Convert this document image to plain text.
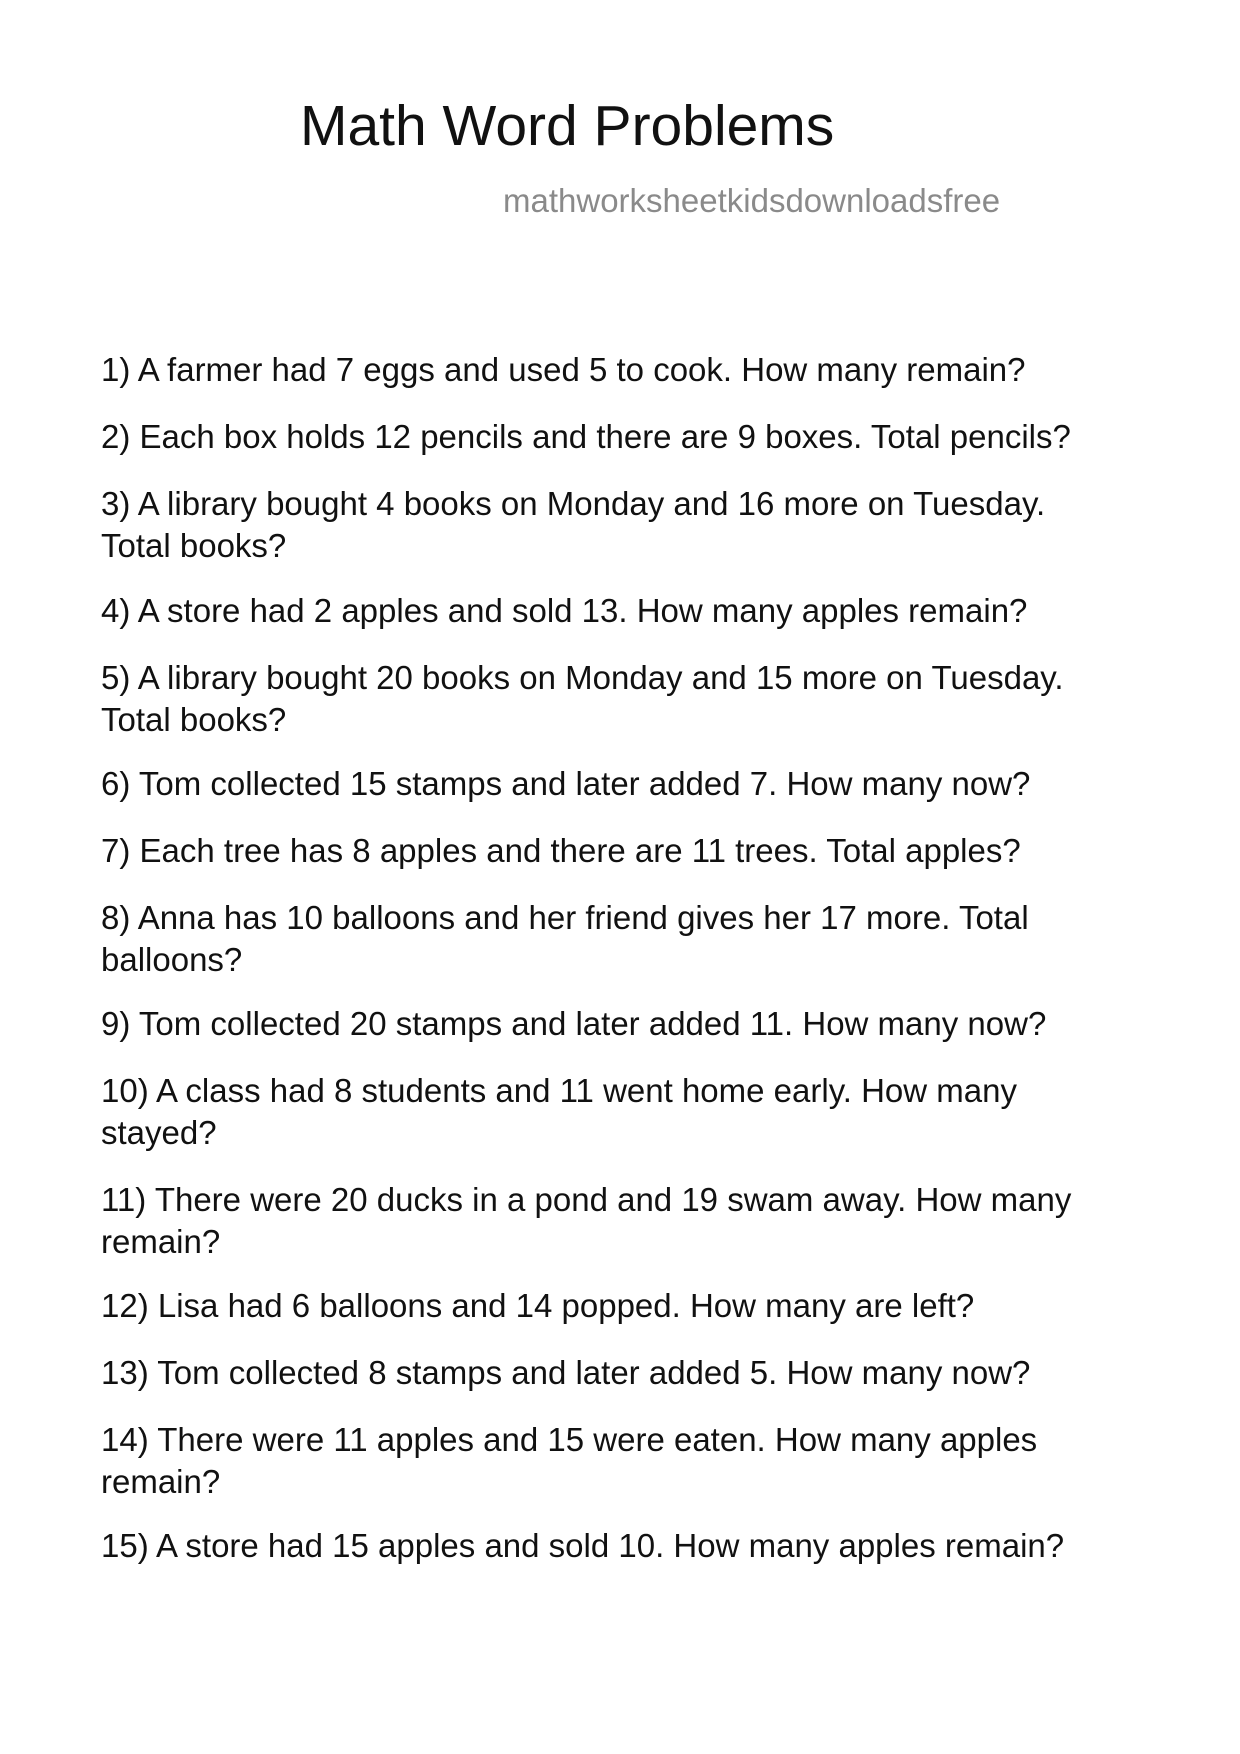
Math Word Problems
mathworksheetkidsdownloadsfree
1) A farmer had 7 eggs and used 5 to cook. How many remain?
2) Each box holds 12 pencils and there are 9 boxes. Total pencils?
3) A library bought 4 books on Monday and 16 more on Tuesday. Total books?
4) A store had 2 apples and sold 13. How many apples remain?
5) A library bought 20 books on Monday and 15 more on Tuesday. Total books?
6) Tom collected 15 stamps and later added 7. How many now?
7) Each tree has 8 apples and there are 11 trees. Total apples?
8) Anna has 10 balloons and her friend gives her 17 more. Total balloons?
9) Tom collected 20 stamps and later added 11. How many now?
10) A class had 8 students and 11 went home early. How many stayed?
11) There were 20 ducks in a pond and 19 swam away. How many remain?
12) Lisa had 6 balloons and 14 popped. How many are left?
13) Tom collected 8 stamps and later added 5. How many now?
14) There were 11 apples and 15 were eaten. How many apples remain?
15) A store had 15 apples and sold 10. How many apples remain?
